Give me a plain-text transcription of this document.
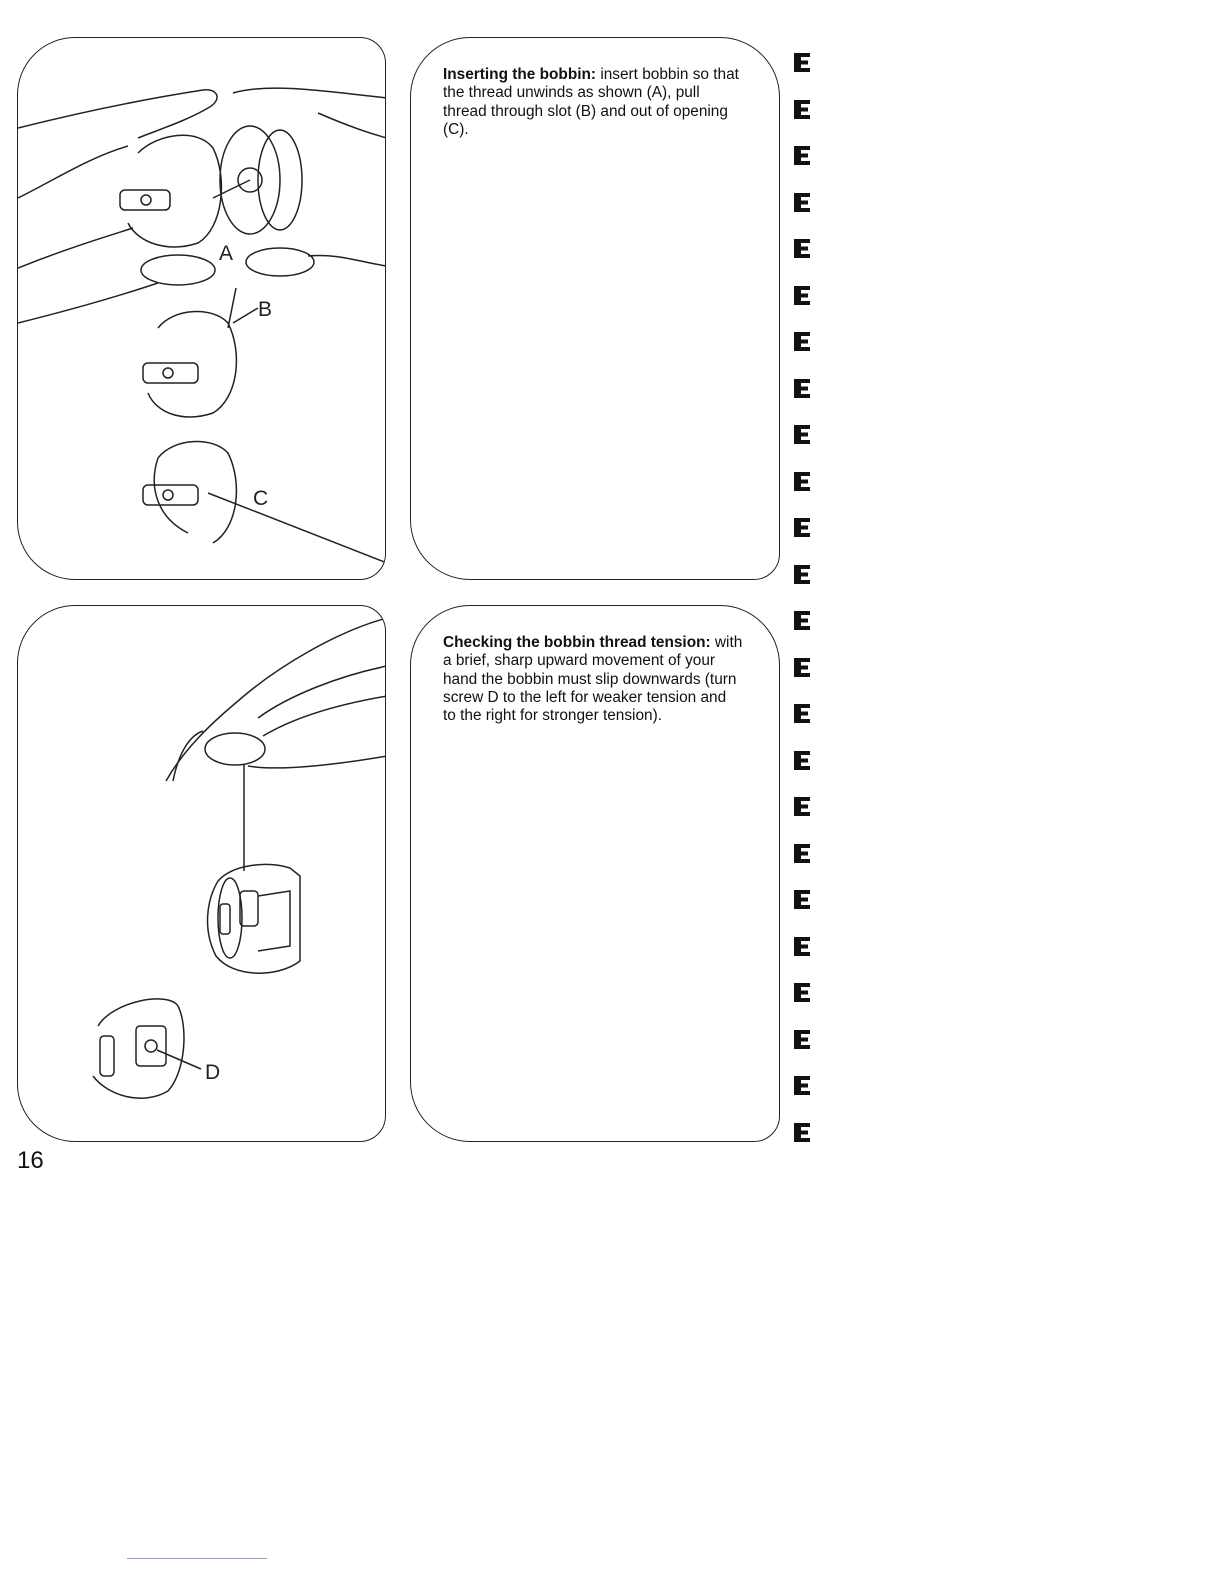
A
B
C

Inserting the bobbin: insert bobbin so that the thread unwinds as shown (A), pull thread through slot (B) and out of opening (C).

D

Checking the bobbin thread tension: with a brief, sharp upward movement of your hand the bobbin must slip downwards (turn screw D to the left for weaker tension and to the right for stronger tension).

16
